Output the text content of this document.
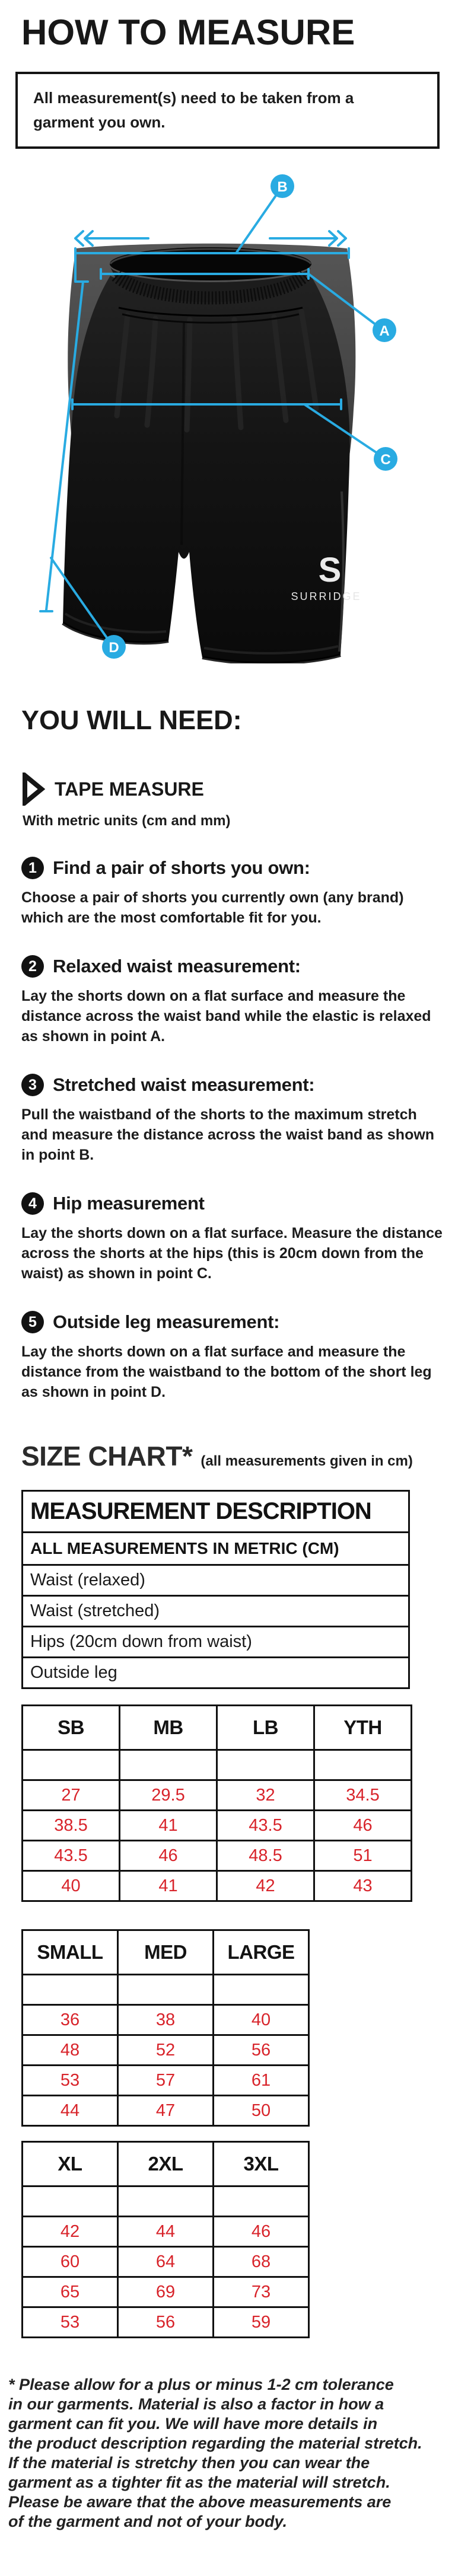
HOW TO MEASURE

All measurement(s) need to be taken from a garment you own.

S
SURRIDGE
B
A
C
D
YOU WILL NEED:
TAPE MEASURE
With metric units (cm and mm)
1 Find a pair of shorts you own:

Choose a pair of shorts you currently own (any brand) which are the most comfortable fit for you.

2 Relaxed waist measurement:

Lay the shorts down on a flat surface and measure the distance across the waist band while the elastic is relaxed as shown in point A.

3 Stretched waist measurement:

Pull the waistband of the shorts to the maximum stretch and measure the distance across the waist band as shown in point B.

4 Hip measurement

Lay the shorts down on a flat surface. Measure the distance across the shorts at the hips (this is 20cm down from the waist) as shown in point C.

5 Outside leg measurement:

Lay the shorts down on a flat surface and measure the distance from the waistband to the bottom of the short leg as shown in point D.

SIZE CHART* (all measurements given in cm)
MEASUREMENT DESCRIPTION
ALL MEASUREMENTS IN METRIC (CM)
Waist (relaxed)
Waist (stretched)
Hips (20cm down from waist)
Outside leg
SB	MB	LB	YTH

27	29.5	32	34.5
38.5	41	43.5	46
43.5	46	48.5	51
40	41	42	43
SMALL	MED	LARGE

36	38	40
48	52	56
53	57	61
44	47	50
XL	2XL	3XL

42	44	46
60	64	68
65	69	73
53	56	59
* Please allow for a plus or minus 1-2 cm tolerance
in our garments. Material is also a factor in how a
garment can fit you. We will have more details in
the product description regarding the material stretch.
If the material is stretchy then you can wear the
garment as a tighter fit as the material will stretch.
Please be aware that the above measurements are
of the garment and not of your body.
